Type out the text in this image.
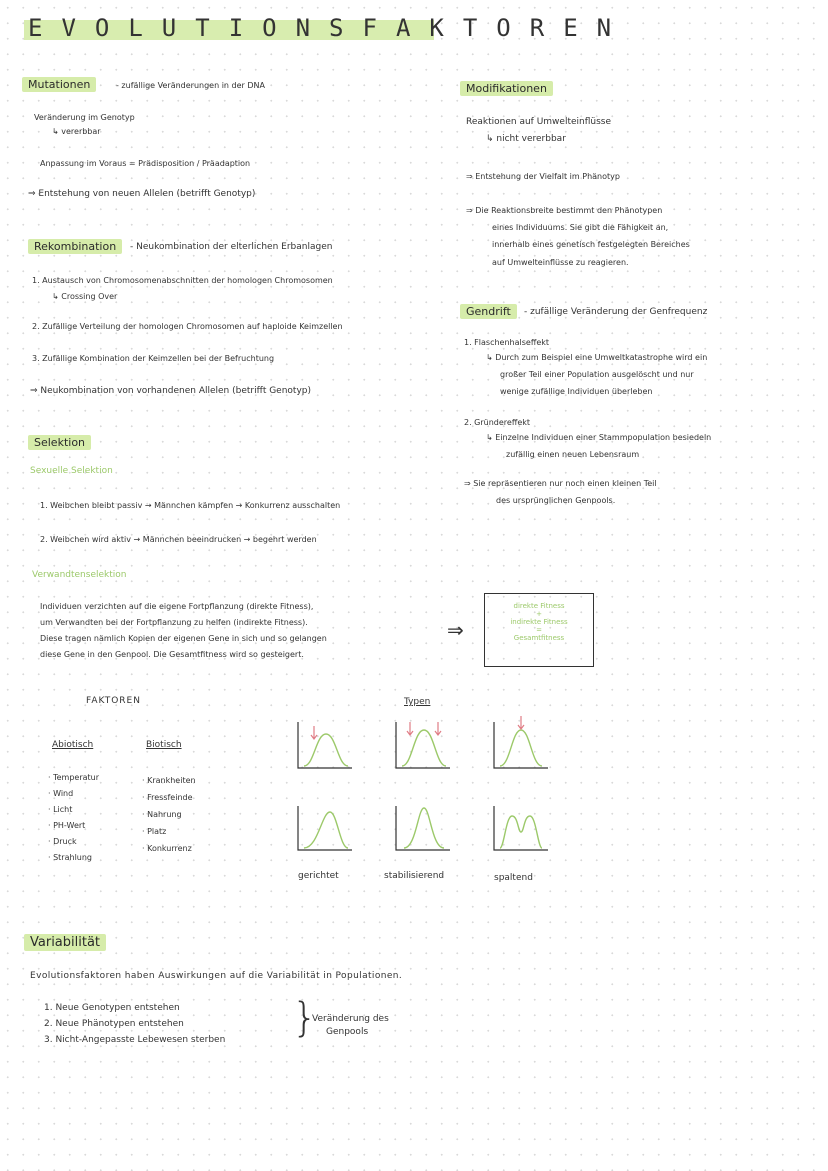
EVOLUTIONSFAKTOREN
Mutationen	- zufällige Veränderungen in der DNA
Veränderung im Genotyp
↳ vererbbar
Anpassung im Voraus = Prädisposition / Präadaption
⇒ Entstehung von neuen Allelen (betrifft Genotyp)
Rekombination	- Neukombination der elterlichen Erbanlagen
1. Austausch von Chromosomenabschnitten der homologen Chromosomen
↳ Crossing Over
2. Zufällige Verteilung der homologen Chromosomen auf haploide Keimzellen
3. Zufällige Kombination der Keimzellen bei der Befruchtung
⇒ Neukombination von vorhandenen Allelen (betrifft Genotyp)
Selektion
Sexuelle Selektion
1. Weibchen bleibt passiv → Männchen kämpfen → Konkurrenz ausschalten
2. Weibchen wird aktiv → Männchen beeindrucken → begehrt werden
Verwandtenselektion
Individuen verzichten auf die eigene Fortpflanzung (direkte Fitness),
um Verwandten bei der Fortpflanzung zu helfen (indirekte Fitness).
Diese tragen nämlich Kopien der eigenen Gene in sich und so gelangen
diese Gene in den Genpool. Die Gesamtfitness wird so gesteigert.
⇒
direkte Fitness
+
indirekte Fitness
=
Gesamtfitness
Modifikationen
Reaktionen auf Umwelteinflüsse
↳ nicht vererbbar
⇒ Entstehung der Vielfalt im Phänotyp
⇒ Die Reaktionsbreite bestimmt den Phänotypen
eines Individuums. Sie gibt die Fähigkeit an,
innerhalb eines genetisch festgelegten Bereiches
auf Umwelteinflüsse zu reagieren.
Gendrift	- zufällige Veränderung der Genfrequenz
1. Flaschenhalseffekt
↳ Durch zum Beispiel eine Umweltkatastrophe wird ein
großer Teil einer Population ausgelöscht und nur
wenige zufällige Individuen überleben
2. Gründereffekt
↳ Einzelne Individuen einer Stammpopulation besiedeln
zufällig einen neuen Lebensraum
⇒ Sie repräsentieren nur noch einen kleinen Teil
des ursprünglichen Genpools.
FAKTOREN
Abiotisch	Biotisch
· Temperatur
· Wind
· Licht
· PH-Wert
· Druck
· Strahlung
· Krankheiten
· Fressfeinde
· Nahrung
· Platz
· Konkurrenz
Typen
gerichtet	stabilisierend	spaltend
Variabilität
Evolutionsfaktoren haben Auswirkungen auf die Variabilität in Populationen.
1. Neue Genotypen entstehen
2. Neue Phänotypen entstehen
3. Nicht-Angepasste Lebewesen sterben }
Veränderung des
Genpools
